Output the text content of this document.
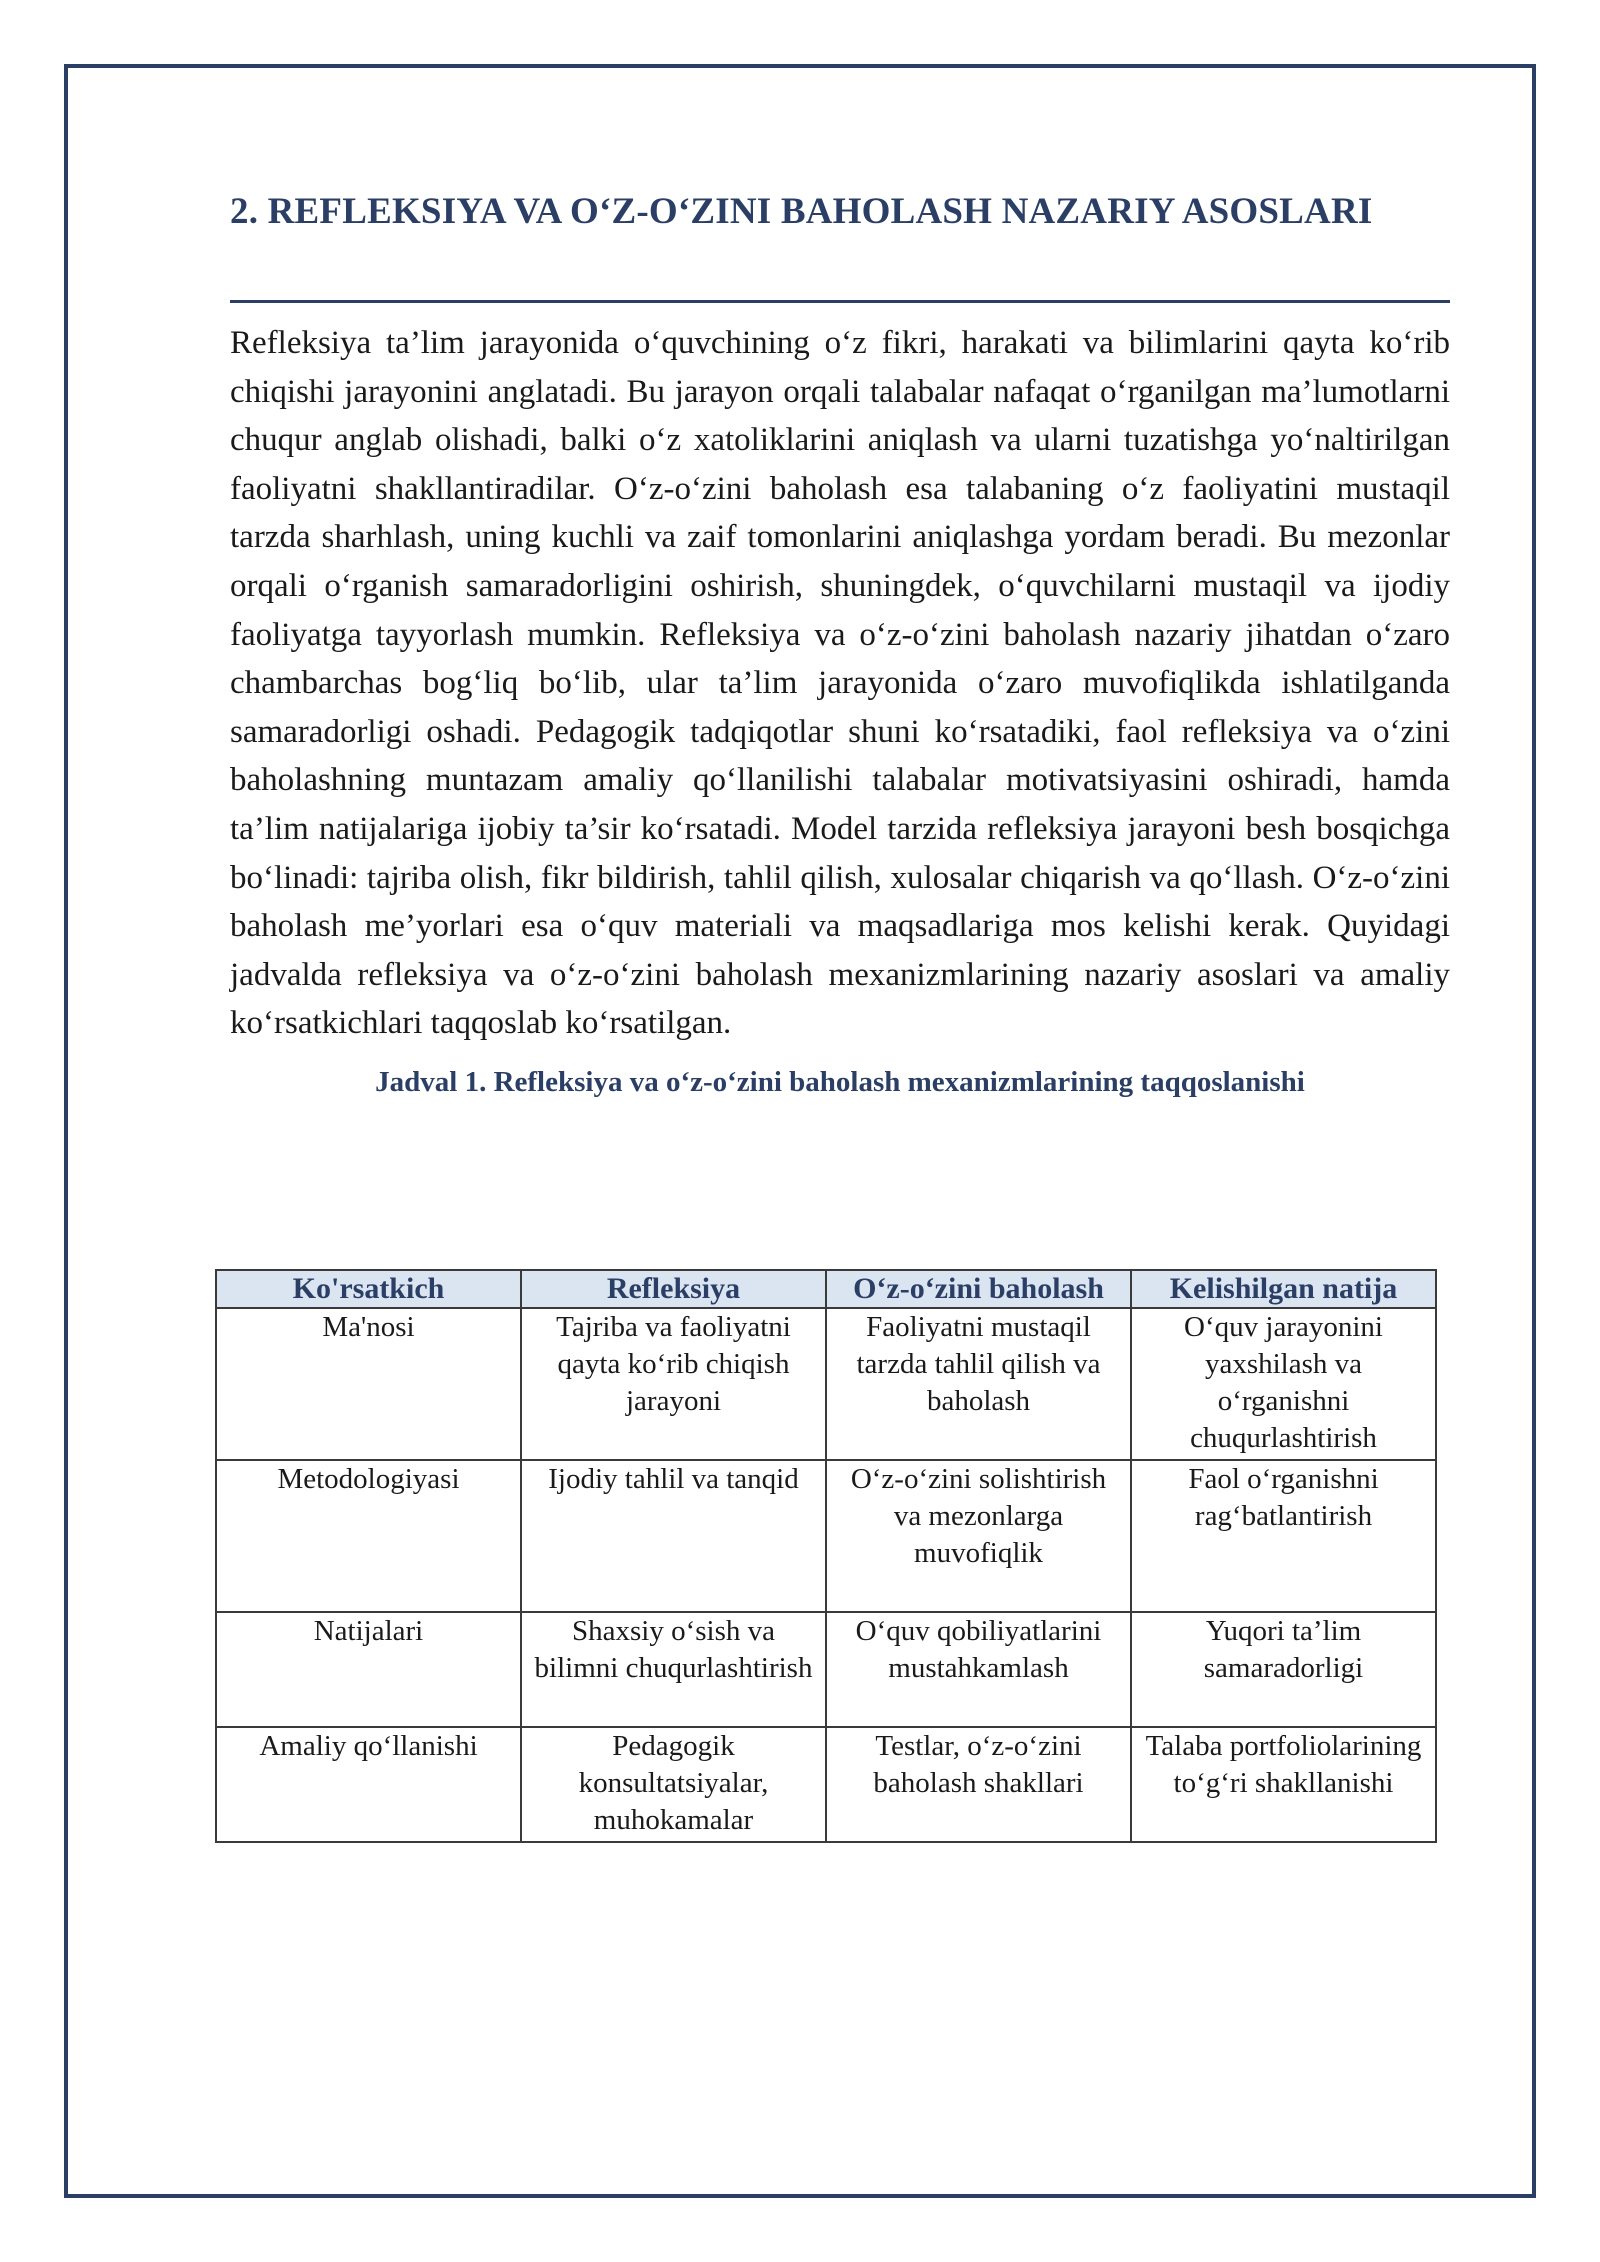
2. REFLEKSIYA VA O‘Z-O‘ZINI BAHOLASH NAZARIY ASOSLARI

Refleksiya ta’lim jarayonida o‘quvchining o‘z fikri, harakati va bilimlarini qayta ko‘rib chiqishi jarayonini anglatadi. Bu jarayon orqali talabalar nafaqat o‘rganilgan ma’lumotlarni chuqur anglab olishadi, balki o‘z xatoliklarini aniqlash va ularni tuzatishga yo‘naltirilgan faoliyatni shakllantiradilar. O‘z-o‘zini baholash esa talabaning o‘z faoliyatini mustaqil tarzda sharhlash, uning kuchli va zaif tomonlarini aniqlashga yordam beradi. Bu mezonlar orqali o‘rganish samaradorligini oshirish, shuningdek, o‘quvchilarni mustaqil va ijodiy faoliyatga tayyorlash mumkin. Refleksiya va o‘z-o‘zini baholash nazariy jihatdan o‘zaro chambarchas bog‘liq bo‘lib, ular ta’lim jarayonida o‘zaro muvofiqlikda ishlatilganda samaradorligi oshadi. Pedagogik tadqiqotlar shuni ko‘rsatadiki, faol refleksiya va o‘zini baholashning muntazam amaliy qo‘llanilishi talabalar motivatsiyasini oshiradi, hamda ta’lim natijalariga ijobiy ta’sir ko‘rsatadi. Model tarzida refleksiya jarayoni besh bosqichga bo‘linadi: tajriba olish, fikr bildirish, tahlil qilish, xulosalar chiqarish va qo‘llash. O‘z-o‘zini baholash me’yorlari esa o‘quv materiali va maqsadlariga mos kelishi kerak. Quyidagi jadvalda refleksiya va o‘z-o‘zini baholash mexanizmlarining nazariy asoslari va amaliy ko‘rsatkichlari taqqoslab ko‘rsatilgan.

Jadval 1. Refleksiya va o‘z-o‘zini baholash mexanizmlarining taqqoslanishi

Ko'rsatkich	Refleksiya	O‘z-o‘zini baholash	Kelishilgan natija
Ma'nosi	Tajriba va faoliyatni qayta ko‘rib chiqish jarayoni	Faoliyatni mustaqil tarzda tahlil qilish va baholash	O‘quv jarayonini yaxshilash va o‘rganishni chuqurlashtirish
Metodologiyasi	Ijodiy tahlil va tanqid	O‘z-o‘zini solishtirish va mezonlarga muvofiqlik	Faol o‘rganishni rag‘batlantirish
Natijalari	Shaxsiy o‘sish va bilimni chuqurlashtirish	O‘quv qobiliyatlarini mustahkamlash	Yuqori ta’lim samaradorligi
Amaliy qo‘llanishi	Pedagogik konsultatsiyalar, muhokamalar	Testlar, o‘z-o‘zini baholash shakllari	Talaba portfoliolarining to‘g‘ri shakllanishi
